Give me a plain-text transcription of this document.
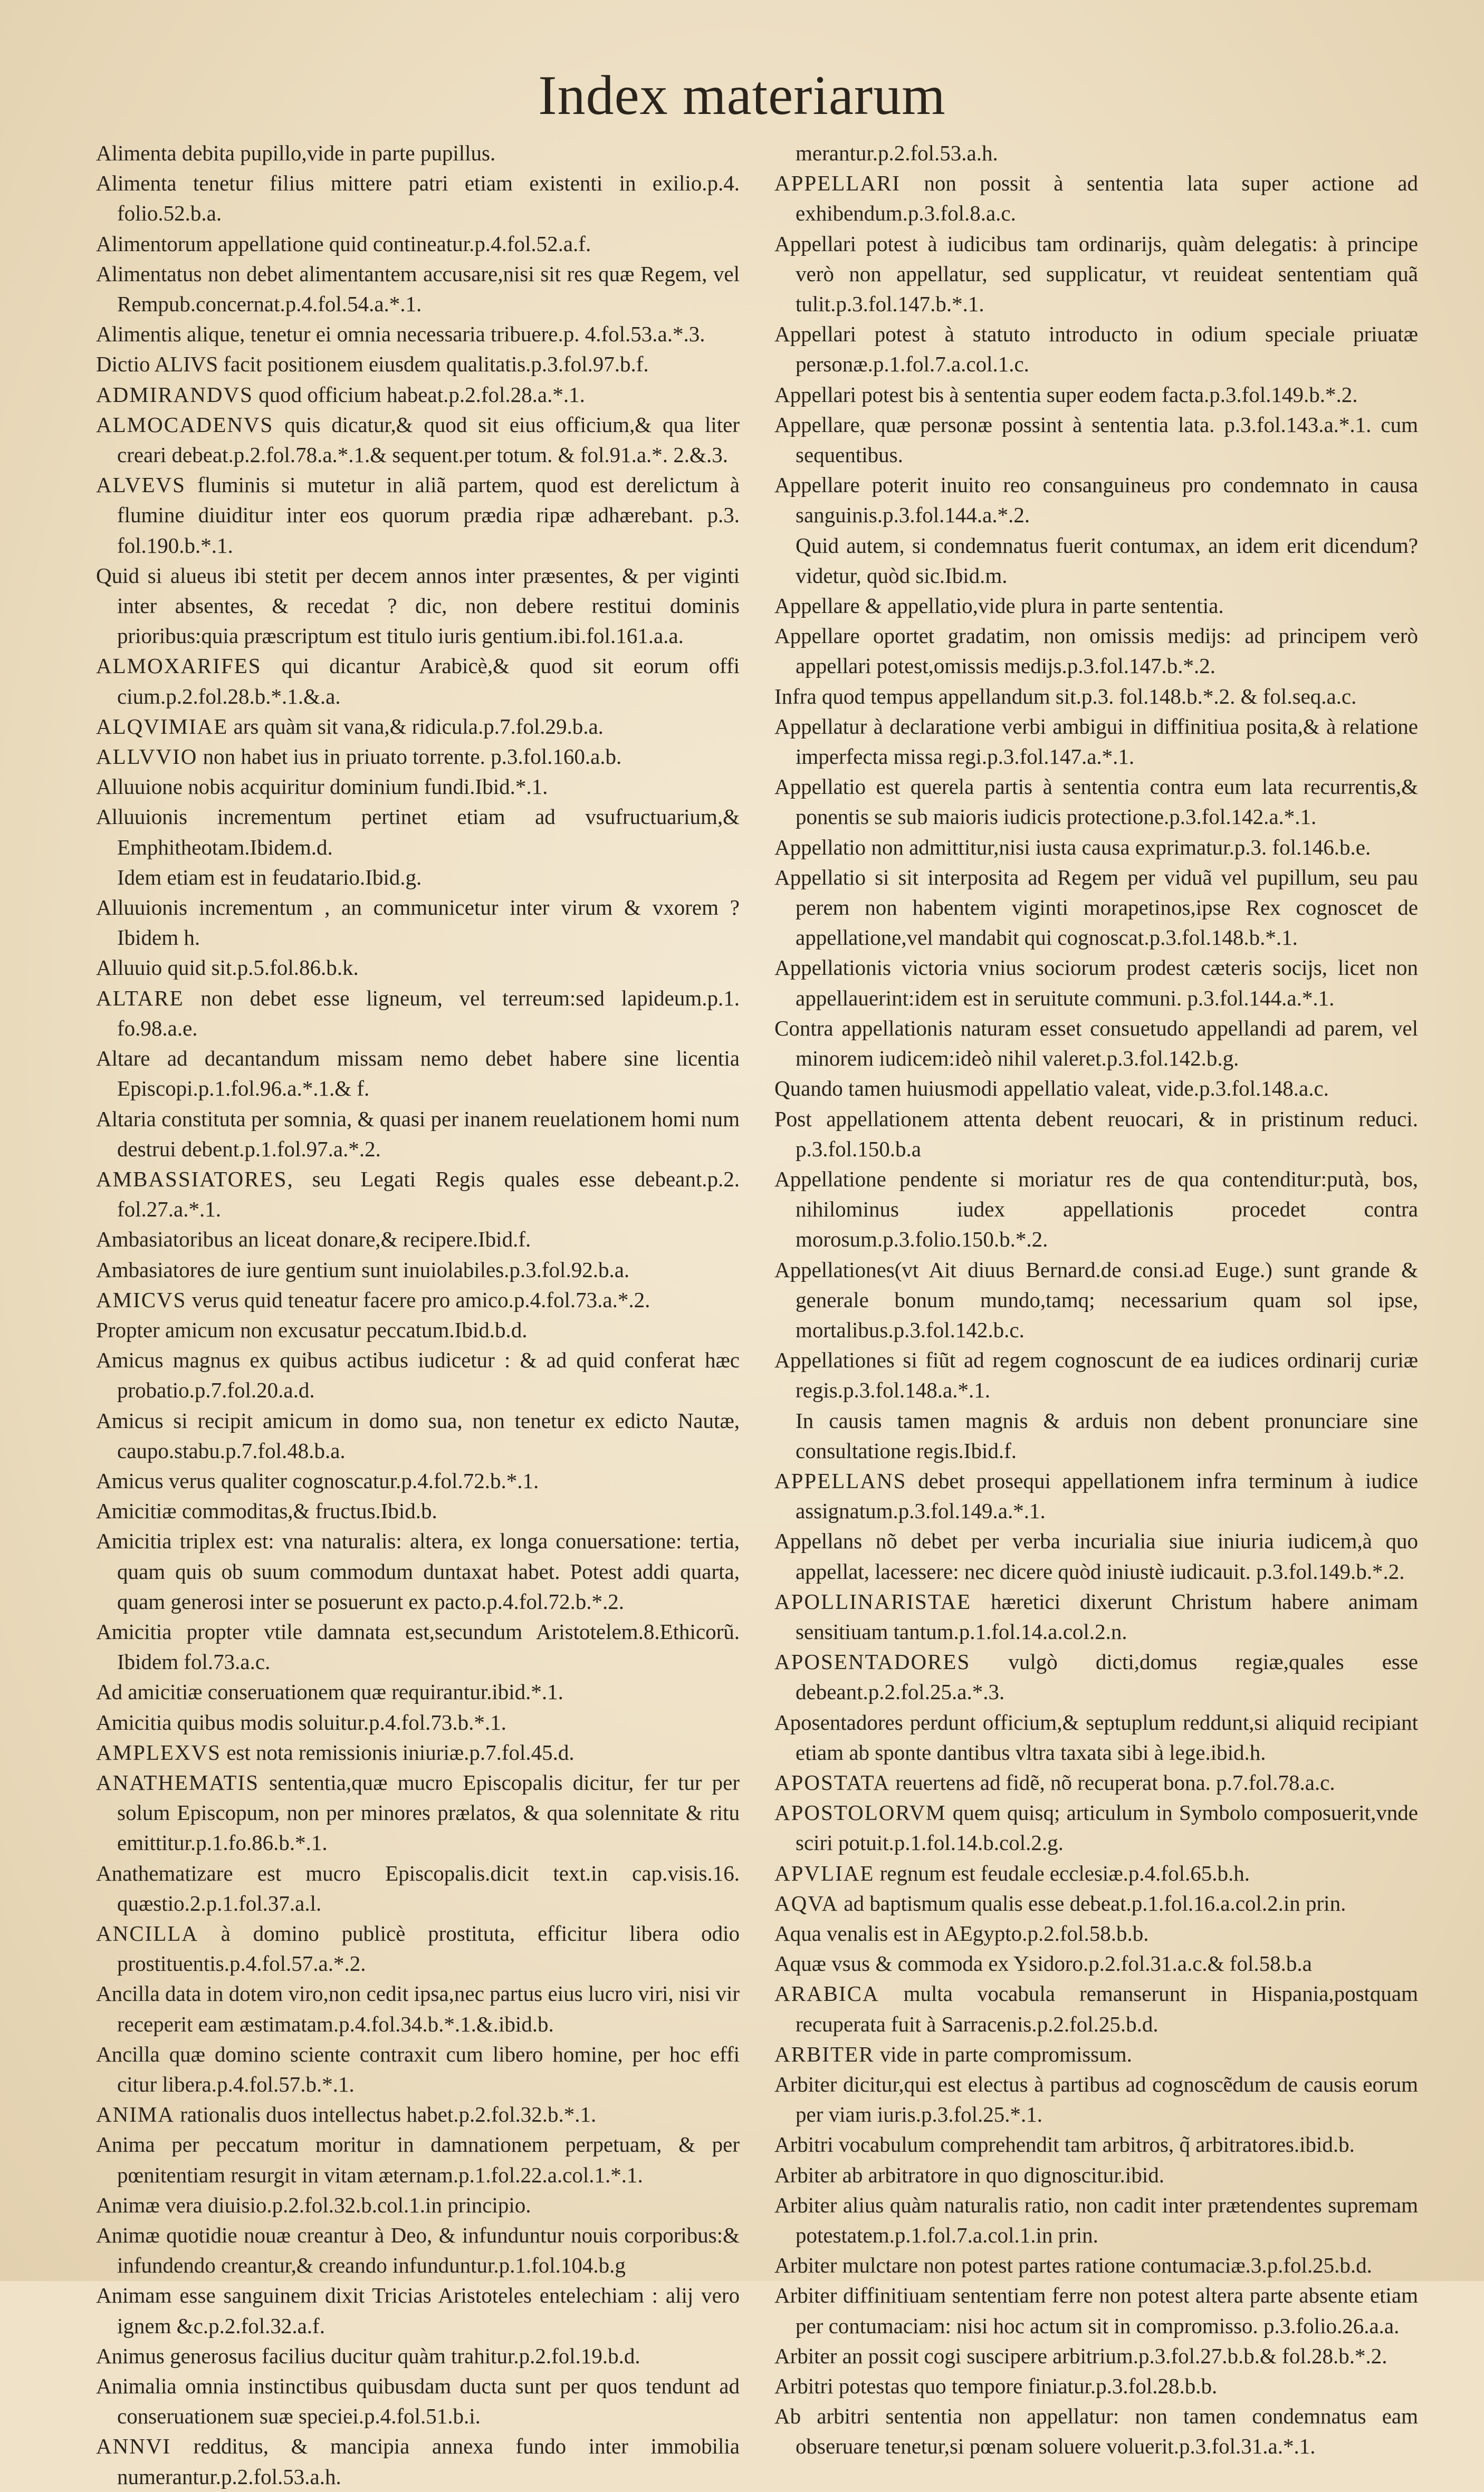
Index materiarum

Alimenta debita pupillo,vide in parte pupillus.

Alimenta tenetur filius mittere patri etiam existenti in exilio.p.4. folio.52.b.a.

Alimentorum appellatione quid contineatur.p.4.fol.52.a.f.

Alimentatus non debet alimentantem accusare,nisi sit res quæ Regem, vel Rempub.concernat.p.4.fol.54.a.*.1.

Alimentis alique, tenetur ei omnia necessaria tribuere.p. 4.fol.53.a.*.3.

Dictio ALIVS facit positionem eiusdem qualitatis.p.3.fol.97.b.f.

ADMIRANDVS quod officium habeat.p.2.fol.28.a.*.1.

ALMOCADENVS quis dicatur,& quod sit eius officium,& qua liter creari debeat.p.2.fol.78.a.*.1.& sequent.per totum. & fol.91.a.*. 2.&.3.

ALVEVS fluminis si mutetur in aliã partem, quod est derelictum à flumine diuiditur inter eos quorum prædia ripæ adhærebant. p.3. fol.190.b.*.1.

Quid si alueus ibi stetit per decem annos inter præsentes, & per viginti inter absentes, & recedat ? dic, non debere restitui dominis prioribus:quia præscriptum est titulo iuris gentium.ibi.fol.161.a.a.

ALMOXARIFES qui dicantur Arabicè,& quod sit eorum offi cium.p.2.fol.28.b.*.1.&.a.

ALQVIMIAE ars quàm sit vana,& ridicula.p.7.fol.29.b.a.

ALLVVIO non habet ius in priuato torrente. p.3.fol.160.a.b.

Alluuione nobis acquiritur dominium fundi.Ibid.*.1.

Alluuionis incrementum pertinet etiam ad vsufructuarium,& Emphitheotam.Ibidem.d.

Idem etiam est in feudatario.Ibid.g.

Alluuionis incrementum , an communicetur inter virum & vxorem ? Ibidem h.

Alluuio quid sit.p.5.fol.86.b.k.

ALTARE non debet esse ligneum, vel terreum:sed lapideum.p.1. fo.98.a.e.

Altare ad decantandum missam nemo debet habere sine licentia Episcopi.p.1.fol.96.a.*.1.& f.

Altaria constituta per somnia, & quasi per inanem reuelationem homi num destrui debent.p.1.fol.97.a.*.2.

AMBASSIATORES, seu Legati Regis quales esse debeant.p.2. fol.27.a.*.1.

Ambasiatoribus an liceat donare,& recipere.Ibid.f.

Ambasiatores de iure gentium sunt inuiolabiles.p.3.fol.92.b.a.

AMICVS verus quid teneatur facere pro amico.p.4.fol.73.a.*.2.

Propter amicum non excusatur peccatum.Ibid.b.d.

Amicus magnus ex quibus actibus iudicetur : & ad quid conferat hæc probatio.p.7.fol.20.a.d.

Amicus si recipit amicum in domo sua, non tenetur ex edicto Nautæ, caupo.stabu.p.7.fol.48.b.a.

Amicus verus qualiter cognoscatur.p.4.fol.72.b.*.1.

Amicitiæ commoditas,& fructus.Ibid.b.

Amicitia triplex est: vna naturalis: altera, ex longa conuersatione: tertia, quam quis ob suum commodum duntaxat habet. Potest addi quarta, quam generosi inter se posuerunt ex pacto.p.4.fol.72.b.*.2.

Amicitia propter vtile damnata est,secundum Aristotelem.8.Ethicorũ. Ibidem fol.73.a.c.

Ad amicitiæ conseruationem quæ requirantur.ibid.*.1.

Amicitia quibus modis soluitur.p.4.fol.73.b.*.1.

AMPLEXVS est nota remissionis iniuriæ.p.7.fol.45.d.

ANATHEMATIS sententia,quæ mucro Episcopalis dicitur, fer tur per solum Episcopum, non per minores prælatos, & qua solennitate & ritu emittitur.p.1.fo.86.b.*.1.

Anathematizare est mucro Episcopalis.dicit text.in cap.visis.16. quæstio.2.p.1.fol.37.a.l.

ANCILLA à domino publicè prostituta, efficitur libera odio prostituentis.p.4.fol.57.a.*.2.

Ancilla data in dotem viro,non cedit ipsa,nec partus eius lucro viri, nisi vir receperit eam æstimatam.p.4.fol.34.b.*.1.&.ibid.b.

Ancilla quæ domino sciente contraxit cum libero homine, per hoc effi citur libera.p.4.fol.57.b.*.1.

ANIMA rationalis duos intellectus habet.p.2.fol.32.b.*.1.

Anima per peccatum moritur in damnationem perpetuam, & per pœnitentiam resurgit in vitam æternam.p.1.fol.22.a.col.1.*.1.

Animæ vera diuisio.p.2.fol.32.b.col.1.in principio.

Animæ quotidie nouæ creantur à Deo, & infunduntur nouis corporibus:& infundendo creantur,& creando infunduntur.p.1.fol.104.b.g

Animam esse sanguinem dixit Tricias Aristoteles entelechiam : alij vero ignem &c.p.2.fol.32.a.f.

Animus generosus facilius ducitur quàm trahitur.p.2.fol.19.b.d.

Animalia omnia instinctibus quibusdam ducta sunt per quos tendunt ad conseruationem suæ speciei.p.4.fol.51.b.i.

ANNVI redditus, & mancipia annexa fundo inter immobilia numerantur.p.2.fol.53.a.h.

merantur.p.2.fol.53.a.h.

APPELLARI non possit à sententia lata super actione ad exhibendum.p.3.fol.8.a.c.

Appellari potest à iudicibus tam ordinarijs, quàm delegatis: à principe verò non appellatur, sed supplicatur, vt reuideat sententiam quã tulit.p.3.fol.147.b.*.1.

Appellari potest à statuto introducto in odium speciale priuatæ personæ.p.1.fol.7.a.col.1.c.

Appellari potest bis à sententia super eodem facta.p.3.fol.149.b.*.2.

Appellare, quæ personæ possint à sententia lata. p.3.fol.143.a.*.1. cum sequentibus.

Appellare poterit inuito reo consanguineus pro condemnato in causa sanguinis.p.3.fol.144.a.*.2.

Quid autem, si condemnatus fuerit contumax, an idem erit dicendum? videtur, quòd sic.Ibid.m.

Appellare & appellatio,vide plura in parte sententia.

Appellare oportet gradatim, non omissis medijs: ad principem verò appellari potest,omissis medijs.p.3.fol.147.b.*.2.

Infra quod tempus appellandum sit.p.3. fol.148.b.*.2. & fol.seq.a.c.

Appellatur à declaratione verbi ambigui in diffinitiua posita,& à relatione imperfecta missa regi.p.3.fol.147.a.*.1.

Appellatio est querela partis à sententia contra eum lata recurrentis,& ponentis se sub maioris iudicis protectione.p.3.fol.142.a.*.1.

Appellatio non admittitur,nisi iusta causa exprimatur.p.3. fol.146.b.e.

Appellatio si sit interposita ad Regem per viduã vel pupillum, seu pau perem non habentem viginti morapetinos,ipse Rex cognoscet de appellatione,vel mandabit qui cognoscat.p.3.fol.148.b.*.1.

Appellationis victoria vnius sociorum prodest cæteris socijs, licet non appellauerint:idem est in seruitute communi. p.3.fol.144.a.*.1.

Contra appellationis naturam esset consuetudo appellandi ad parem, vel minorem iudicem:ideò nihil valeret.p.3.fol.142.b.g.

Quando tamen huiusmodi appellatio valeat, vide.p.3.fol.148.a.c.

Post appellationem attenta debent reuocari, & in pristinum reduci. p.3.fol.150.b.a

Appellatione pendente si moriatur res de qua contenditur:putà, bos, nihilominus iudex appellationis procedet contra morosum.p.3.folio.150.b.*.2.

Appellationes(vt Ait diuus Bernard.de consi.ad Euge.) sunt grande & generale bonum mundo,tamq; necessarium quam sol ipse, mortalibus.p.3.fol.142.b.c.

Appellationes si fiũt ad regem cognoscunt de ea iudices ordinarij curiæ regis.p.3.fol.148.a.*.1.

In causis tamen magnis & arduis non debent pronunciare sine consultatione regis.Ibid.f.

APPELLANS debet prosequi appellationem infra terminum à iudice assignatum.p.3.fol.149.a.*.1.

Appellans nõ debet per verba incurialia siue iniuria iudicem,à quo appellat, lacessere: nec dicere quòd iniustè iudicauit. p.3.fol.149.b.*.2.

APOLLINARISTAE hæretici dixerunt Christum habere animam sensitiuam tantum.p.1.fol.14.a.col.2.n.

APOSENTADORES vulgò dicti,domus regiæ,quales esse debeant.p.2.fol.25.a.*.3.

Aposentadores perdunt officium,& septuplum reddunt,si aliquid recipiant etiam ab sponte dantibus vltra taxata sibi à lege.ibid.h.

APOSTATA reuertens ad fidẽ, nõ recuperat bona. p.7.fol.78.a.c.

APOSTOLORVM quem quisq; articulum in Symbolo composuerit,vnde sciri potuit.p.1.fol.14.b.col.2.g.

APVLIAE regnum est feudale ecclesiæ.p.4.fol.65.b.h.

AQVA ad baptismum qualis esse debeat.p.1.fol.16.a.col.2.in prin.

Aqua venalis est in AEgypto.p.2.fol.58.b.b.

Aquæ vsus & commoda ex Ysidoro.p.2.fol.31.a.c.& fol.58.b.a

ARABICA multa vocabula remanserunt in Hispania,postquam recuperata fuit à Sarracenis.p.2.fol.25.b.d.

ARBITER vide in parte compromissum.

Arbiter dicitur,qui est electus à partibus ad cognoscẽdum de causis eorum per viam iuris.p.3.fol.25.*.1.

Arbitri vocabulum comprehendit tam arbitros, q̃ arbitratores.ibid.b.

Arbiter ab arbitratore in quo dignoscitur.ibid.

Arbiter alius quàm naturalis ratio, non cadit inter prætendentes supremam potestatem.p.1.fol.7.a.col.1.in prin.

Arbiter mulctare non potest partes ratione contumaciæ.3.p.fol.25.b.d.

Arbiter diffinitiuam sententiam ferre non potest altera parte absente etiam per contumaciam: nisi hoc actum sit in compromisso. p.3.folio.26.a.a.

Arbiter an possit cogi suscipere arbitrium.p.3.fol.27.b.b.& fol.28.b.*.2.

Arbitri potestas quo tempore finiatur.p.3.fol.28.b.b.

Ab arbitri sententia non appellatur: non tamen condemnatus eam obseruare tenetur,si pœnam soluere voluerit.p.3.fol.31.a.*.1.
